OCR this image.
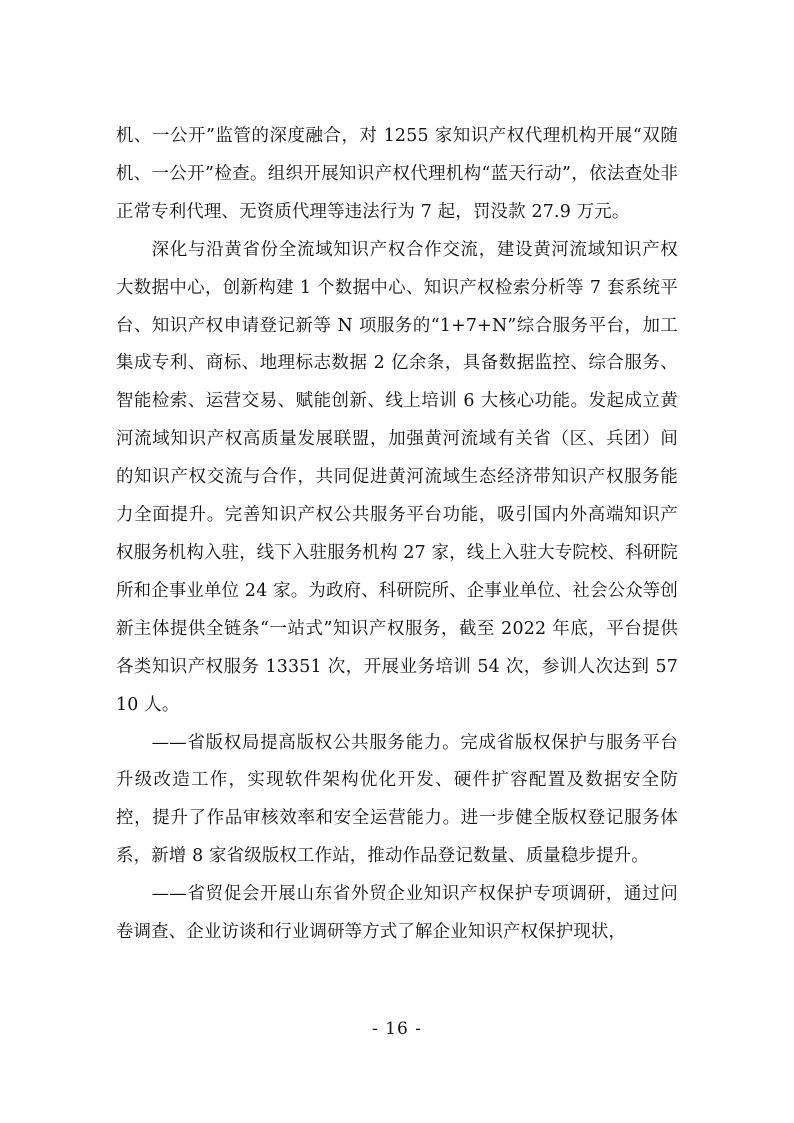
机、一公开”监管的深度融合，对 1255 家知识产权代理机构开展“双随机、一公开”检查。组织开展知识产权代理机构“蓝天行动”，依法查处非正常专利代理、无资质代理等违法行为 7 起，罚没款 27.9 万元。

深化与沿黄省份全流域知识产权合作交流，建设黄河流域知识产权大数据中心，创新构建 1 个数据中心、知识产权检索分析等 7 套系统平台、知识产权申请登记新等 N 项服务的“1+7+N”综合服务平台，加工集成专利、商标、地理标志数据 2 亿余条，具备数据监控、综合服务、智能检索、运营交易、赋能创新、线上培训 6 大核心功能。发起成立黄河流域知识产权高质量发展联盟，加强黄河流域有关省（区、兵团）间的知识产权交流与合作，共同促进黄河流域生态经济带知识产权服务能力全面提升。完善知识产权公共服务平台功能，吸引国内外高端知识产权服务机构入驻，线下入驻服务机构 27 家，线上入驻大专院校、科研院所和企事业单位 24 家。为政府、科研院所、企事业单位、社会公众等创新主体提供全链条“一站式”知识产权服务，截至 2022 年底，平台提供各类知识产权服务 13351 次，开展业务培训 54 次，参训人次达到 5710 人。

——省版权局提高版权公共服务能力。完成省版权保护与服务平台升级改造工作，实现软件架构优化开发、硬件扩容配置及数据安全防控，提升了作品审核效率和安全运营能力。进一步健全版权登记服务体系，新增 8 家省级版权工作站，推动作品登记数量、质量稳步提升。

——省贸促会开展山东省外贸企业知识产权保护专项调研，通过问卷调查、企业访谈和行业调研等方式了解企业知识产权保护现状，

- 16 -
